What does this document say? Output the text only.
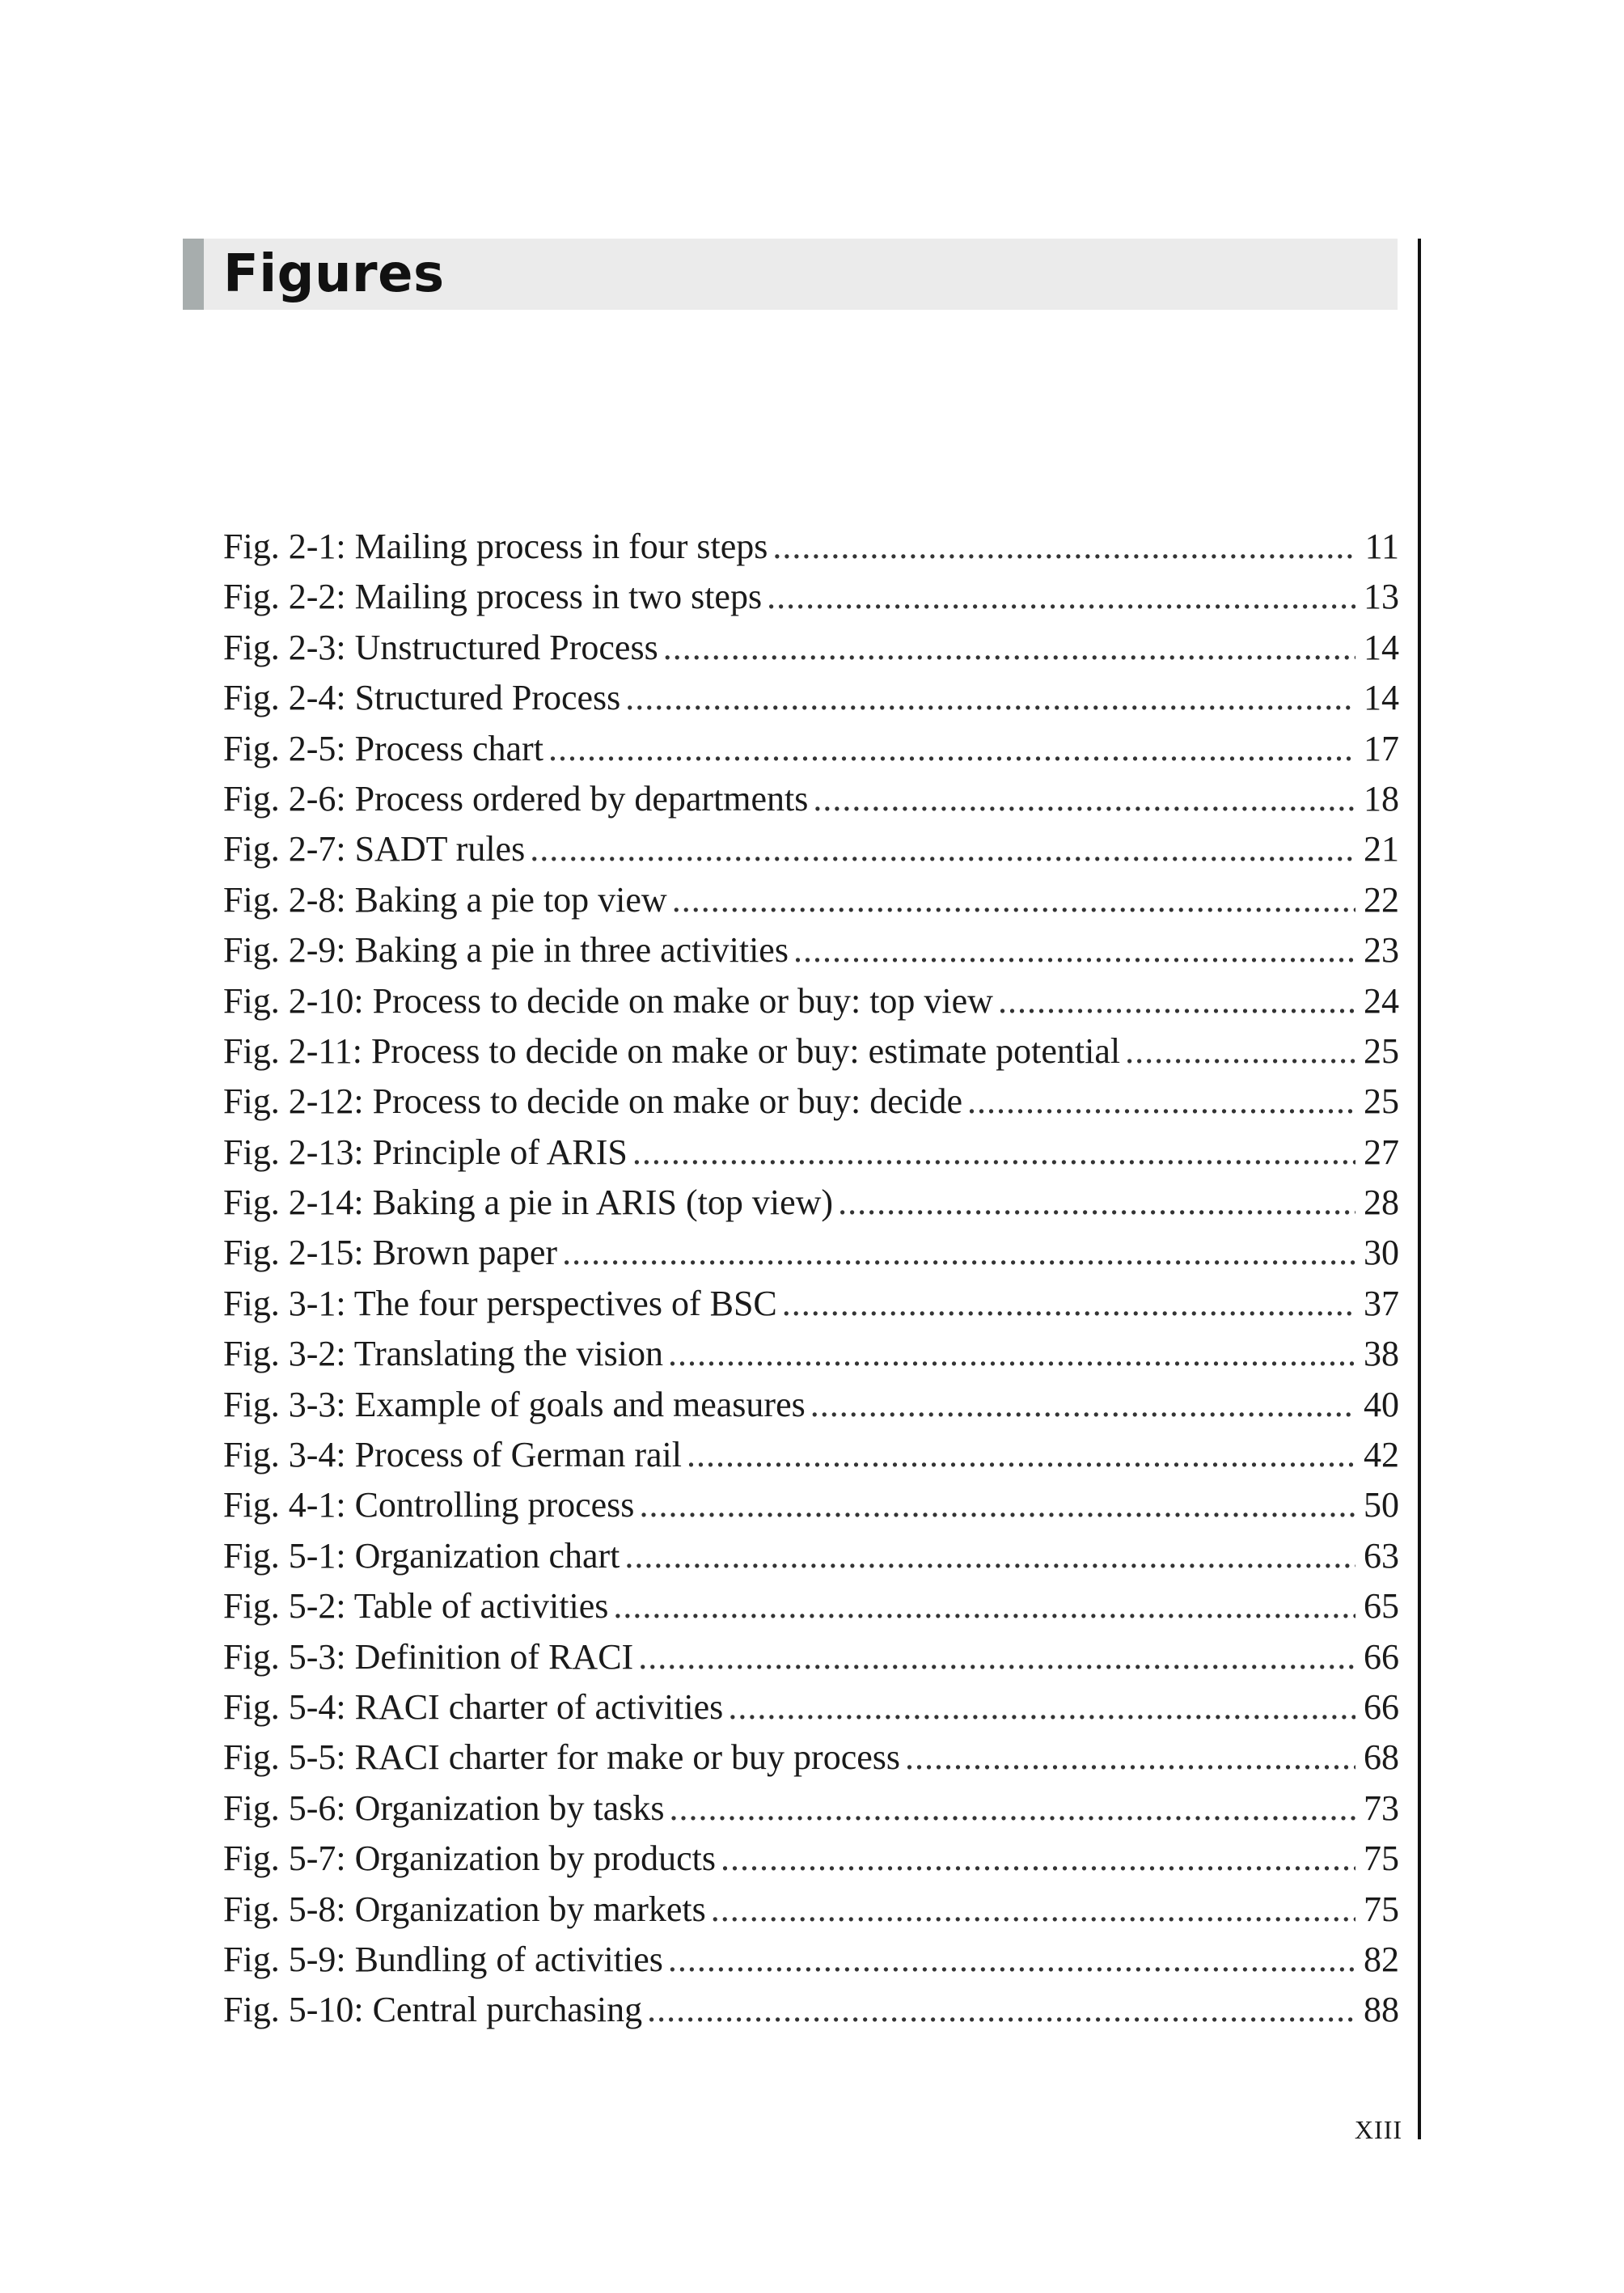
Figures
Fig. 2-1: Mailing process in four steps .....	11
Fig. 2-2: Mailing process in two steps .....	13
Fig. 2-3: Unstructured Process .....	14
Fig. 2-4: Structured Process .....	14
Fig. 2-5: Process chart .....	17
Fig. 2-6: Process ordered by departments .....	18
Fig. 2-7: SADT rules .....	21
Fig. 2-8: Baking a pie top view .....	22
Fig. 2-9: Baking a pie in three activities .....	23
Fig. 2-10: Process to decide on make or buy: top view .....	24
Fig. 2-11: Process to decide on make or buy: estimate potential .....	25
Fig. 2-12: Process to decide on make or buy: decide .....	25
Fig. 2-13: Principle of ARIS .....	27
Fig. 2-14: Baking a pie in ARIS (top view) .....	28
Fig. 2-15: Brown paper .....	30
Fig. 3-1: The four perspectives of BSC .....	37
Fig. 3-2: Translating the vision .....	38
Fig. 3-3: Example of goals and measures .....	40
Fig. 3-4: Process of German rail .....	42
Fig. 4-1: Controlling process .....	50
Fig. 5-1: Organization chart .....	63
Fig. 5-2: Table of activities .....	65
Fig. 5-3: Definition of RACI .....	66
Fig. 5-4: RACI charter of activities .....	66
Fig. 5-5: RACI charter for make or buy process .....	68
Fig. 5-6: Organization by tasks .....	73
Fig. 5-7: Organization by products .....	75
Fig. 5-8: Organization by markets .....	75
Fig. 5-9: Bundling of activities .....	82
Fig. 5-10: Central purchasing .....	88
XIII
